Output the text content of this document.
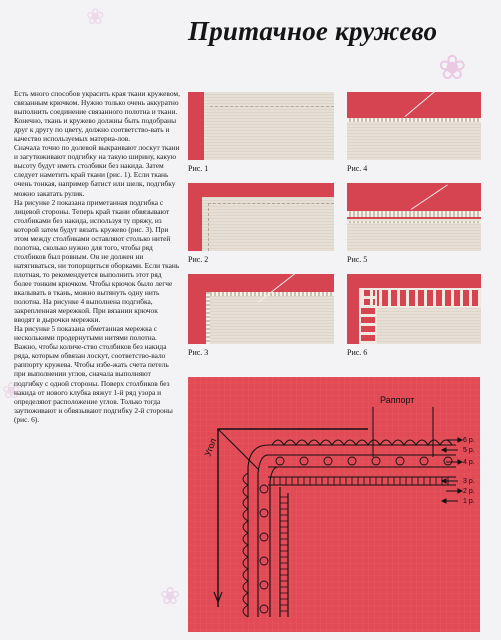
❀
❀
❀
❀
Притачное кружево

Есть много способов украсить края ткани кружевом, связанным крючком. Нужно только очень аккуратно выполнить соединение связанного полотна и ткани. Конечно, ткань и кружево должны быть подобраны друг к другу по цвету, должно соответство-вать и качество используемых материа-лов.

Сначала точно по долевой выкраивают лоскут ткани и загутюживают подгибку на такую ширину, какую высоту будут иметь столбики без накида. Затем следует наметить край ткани (рис. 1). Если ткань очень тонкая, например батист или шелк, подгибку можно закатать рулик.

На рисунке 2 показана приметанная подгибка с лицевой стороны. Теперь край ткани обвязывают столбиками без накида, используя ту пряжу, из которой затем будут вязать кружево (рис. 3). При этом между столбиками оставляют столько нитей полотна, сколько нужно для того, чтобы ряд столбиков был ровным. Он не должен ни натягиваться, ни топорщиться оборками. Если ткань плотная, то рекомендуется выполнить этот ряд более тонким крючком. Чтобы крючок было легче вкалывать в ткань, можно вытянуть одну нить полотна. На рисунке 4 выполнена подгибка, закрепленная мережкой. При вязании крючок вводят в дырочки мережки.

На рисунке 5 показана обметанная мережка с несколькими продернутыми нитями полотна. Важно, чтобы количе-ство столбиков без накида ряда, которым обвязан лоскут, соответство-вало раппорту кружева. Чтобы избе-жать счета петель при выполнении углов, сначала выполняют подгибку с одной стороны. Поверх столбиков без накида от нового клубка вяжут 1-й ряд узора и определяют расположение углов. Только тогда заутюживают и обвязывают подгибку 2-й стороны (рис. 6).

Рис. 1
Рис. 2
Рис. 3
Рис. 4
Рис. 5
Рис. 6
Угол
Раппорт
6 р.
5 р.
4 р.
3 р.
2 р.
1 р.
